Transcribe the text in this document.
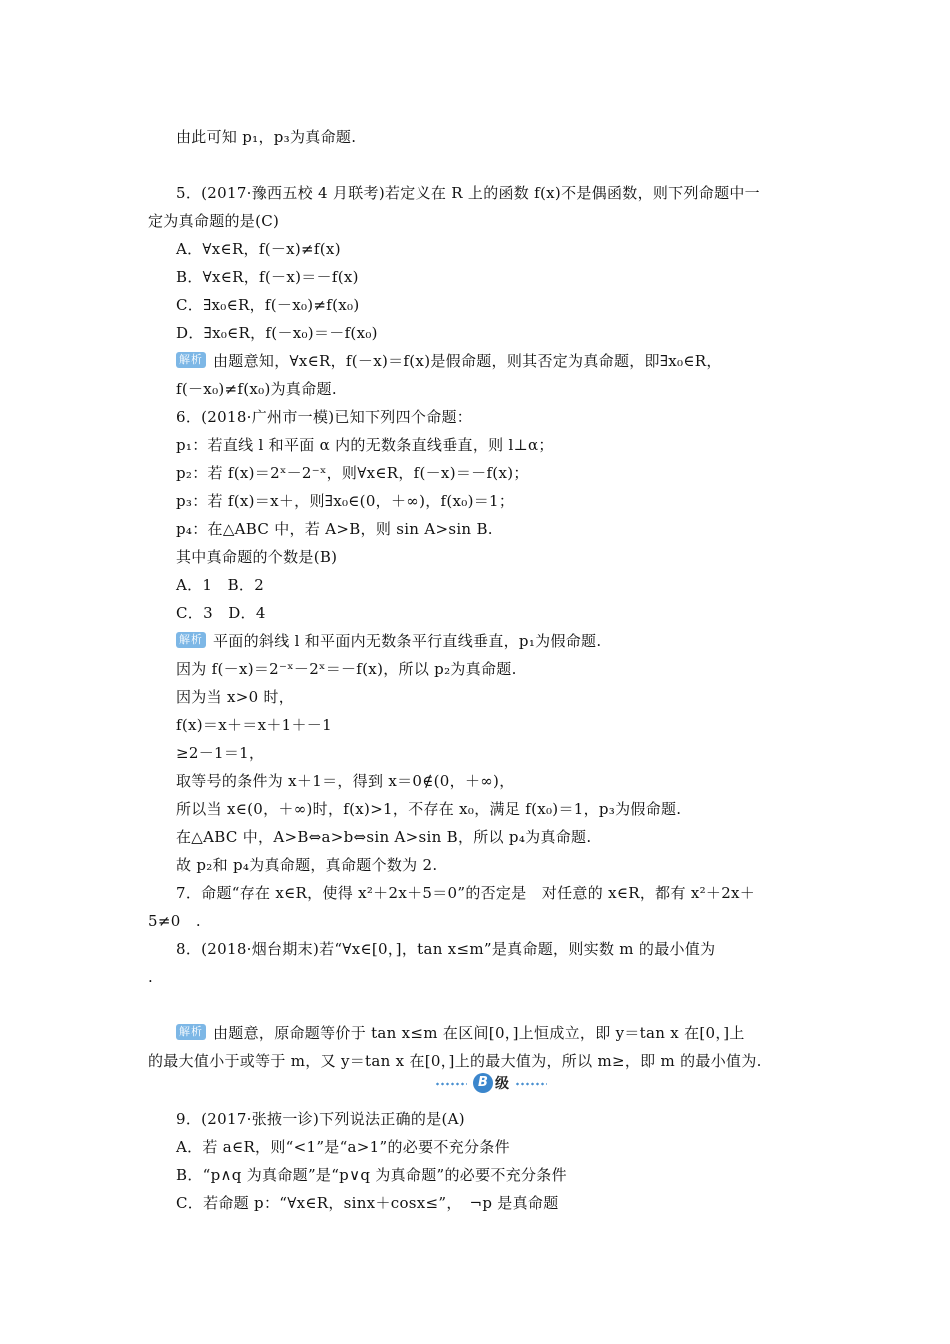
由此可知 p₁，p₃为真命题.
5．(2017·豫西五校 4 月联考)若定义在 R 上的函数 f(x)不是偶函数，则下列命题中一
定为真命题的是(C)
A．∀x∈R，f(－x)≠f(x)
B．∀x∈R，f(－x)＝－f(x)
C．∃x₀∈R，f(－x₀)≠f(x₀)
D．∃x₀∈R，f(－x₀)＝－f(x₀)
解析 由题意知，∀x∈R，f(－x)＝f(x)是假命题，则其否定为真命题，即∃x₀∈R，
f(－x₀)≠f(x₀)为真命题.
6．(2018·广州市一模)已知下列四个命题：
p₁：若直线 l 和平面 α 内的无数条直线垂直，则 l⊥α；
p₂：若 f(x)＝2ˣ－2⁻ˣ，则∀x∈R，f(－x)＝－f(x)；
p₃：若 f(x)＝x＋，则∃x₀∈(0，＋∞)，f(x₀)＝1；
p₄：在△ABC 中，若 A>B，则 sin A>sin B.
其中真命题的个数是(B)
A．1　B．2
C．3　D．4
解析 平面的斜线 l 和平面内无数条平行直线垂直，p₁为假命题.
因为 f(－x)＝2⁻ˣ－2ˣ＝－f(x)，所以 p₂为真命题.
因为当 x>0 时，
f(x)＝x＋＝x＋1＋－1
≥2－1＝1，
取等号的条件为 x＋1＝，得到 x＝0∉(0，＋∞)，
所以当 x∈(0，＋∞)时，f(x)>1，不存在 x₀，满足 f(x₀)＝1，p₃为假命题.
在△ABC 中，A>B⇔a>b⇔sin A>sin B，所以 p₄为真命题.
故 p₂和 p₄为真命题，真命题个数为 2.
7．命题“存在 x∈R，使得 x²＋2x＋5＝0”的否定是　对任意的 x∈R，都有 x²＋2x＋
5≠0　.
8．(2018·烟台期末)若“∀x∈[0，]，tan x≤m”是真命题，则实数 m 的最小值为
.
解析 由题意，原命题等价于 tan x≤m 在区间[0，]上恒成立，即 y＝tan x 在[0，]上
的最大值小于或等于 m，又 y＝tan x 在[0，]上的最大值为，所以 m≥，即 m 的最小值为.
B 级
9．(2017·张掖一诊)下列说法正确的是(A)
A．若 a∈R，则“<1”是“a>1”的必要不充分条件
B．“p∧q 为真命题”是“p∨q 为真命题”的必要不充分条件
C．若命题 p：“∀x∈R，sinx＋cosx≤”，　¬p 是真命题
